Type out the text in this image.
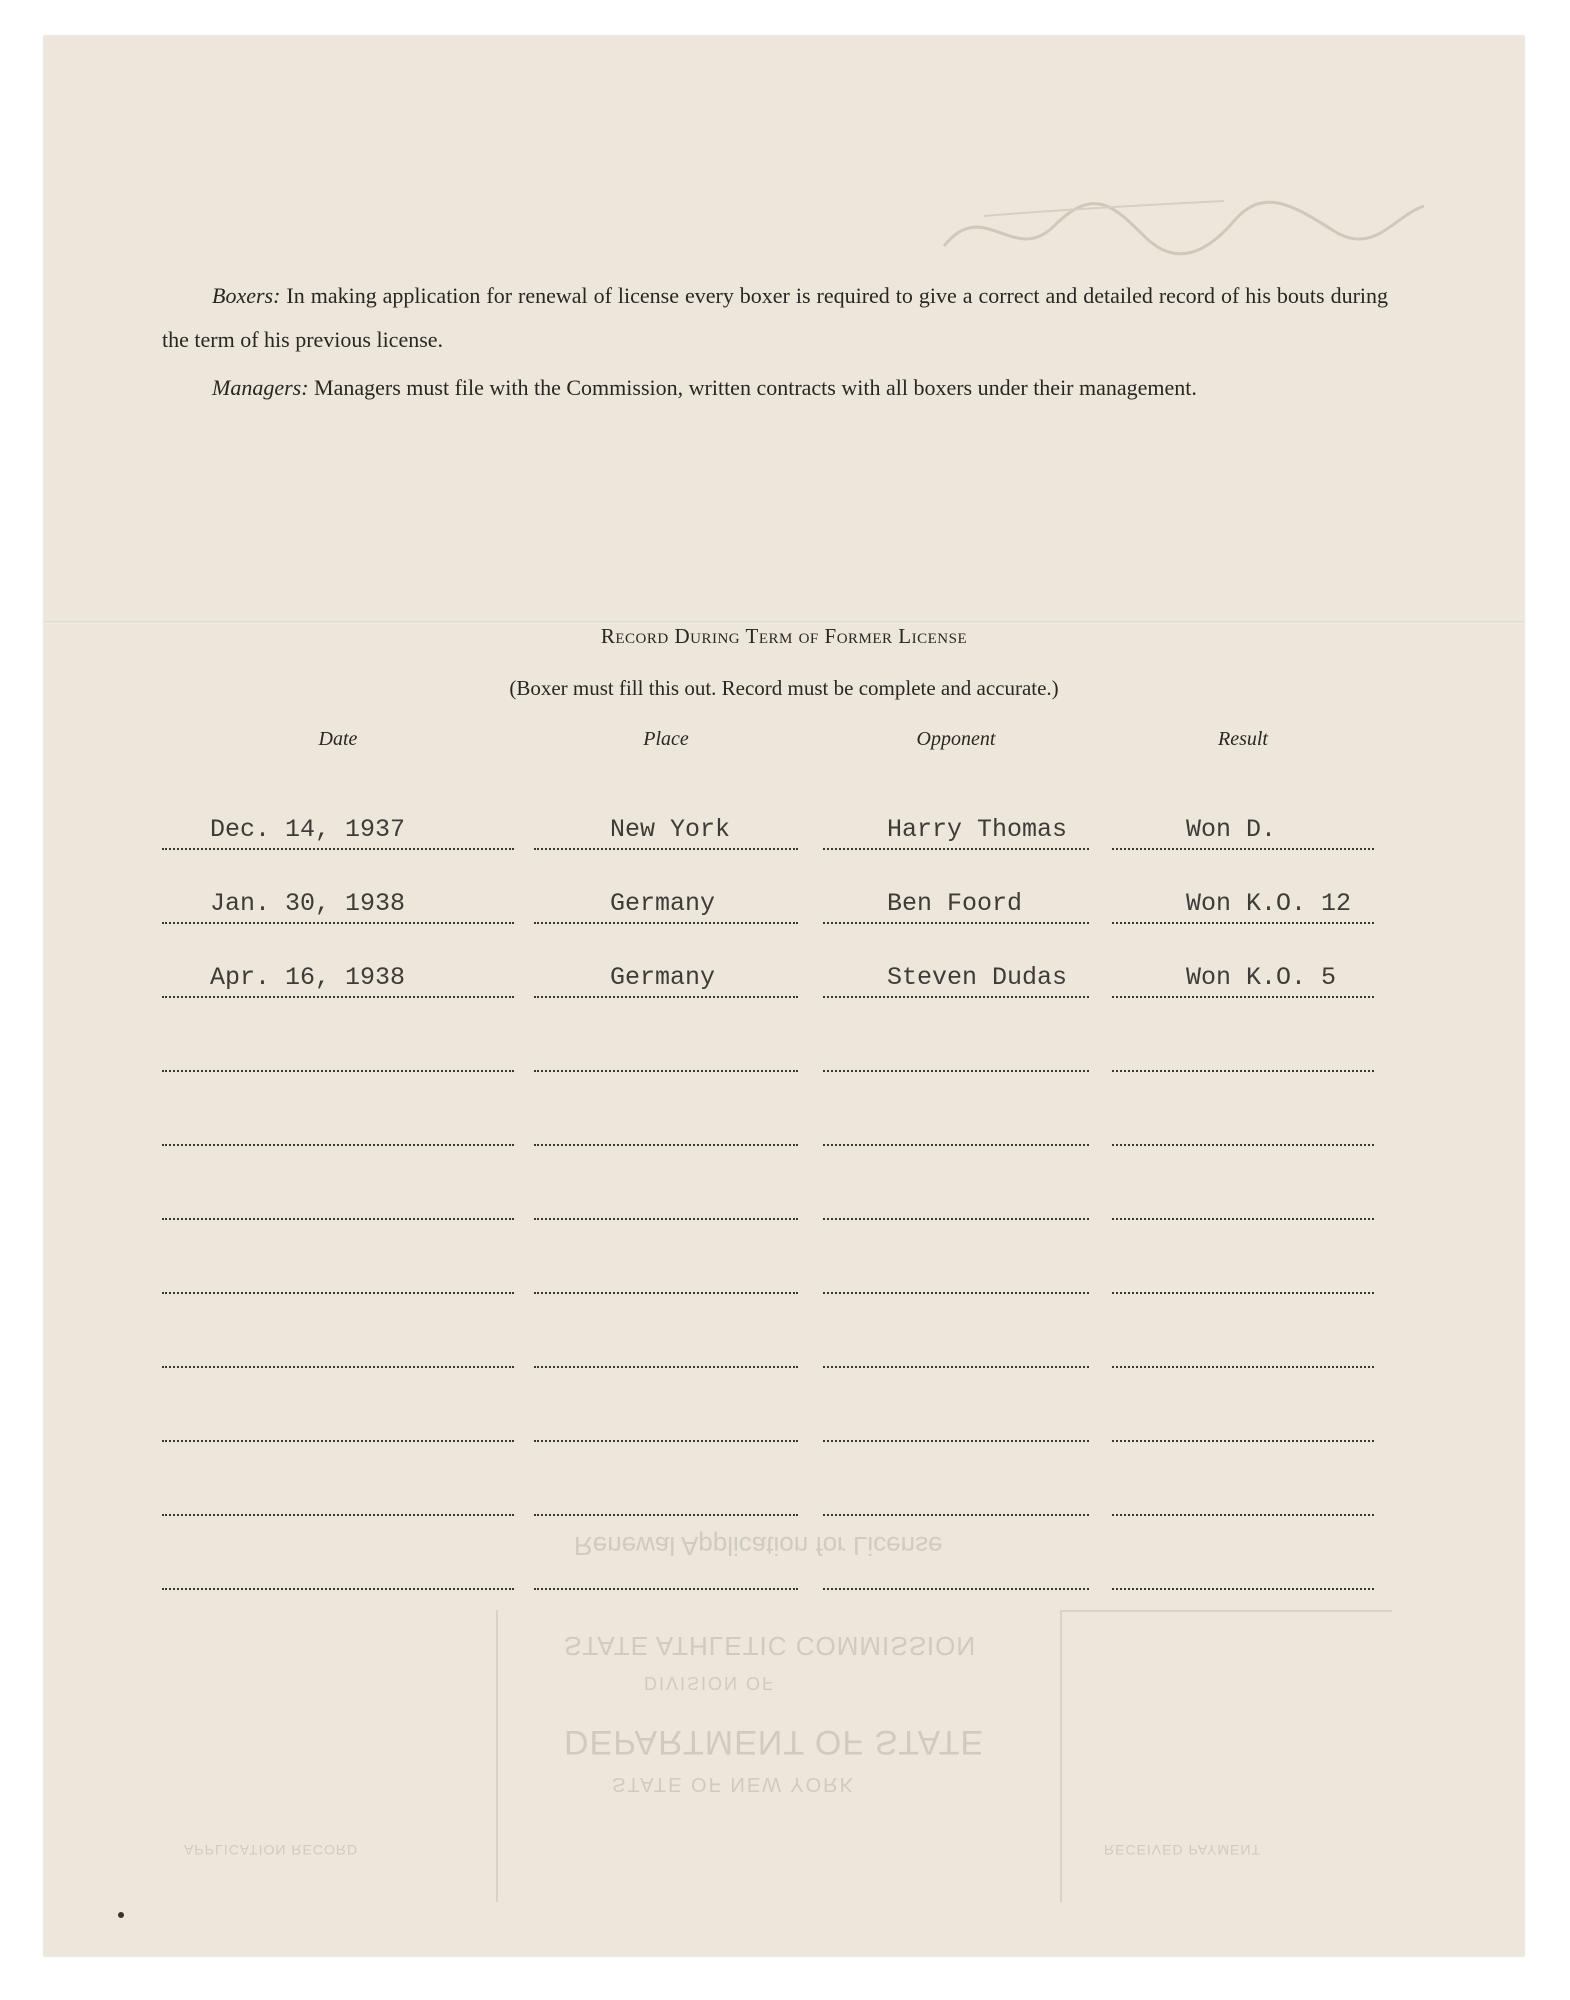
DEPARTMENT OF STATE
STATE OF NEW YORK
DIVISION OF
STATE ATHLETIC COMMISSION
Renewal Application for License
APPLICATION RECORD	RECEIVED PAYMENT
Boxers: In making application for renewal of license every boxer is required to give a correct and detailed record of his bouts during the term of his previous license.
Managers: Managers must file with the Commission, written contracts with all boxers under their management.
Record During Term of Former License
(Boxer must fill this out. Record must be complete and accurate.)
Date	Place	Opponent	Result
Dec. 14, 1937	New York	Harry Thomas	Won D.
Jan. 30, 1938	Germany	Ben Foord	Won K.O. 12
Apr. 16, 1938	Germany	Steven Dudas	Won K.O. 5
